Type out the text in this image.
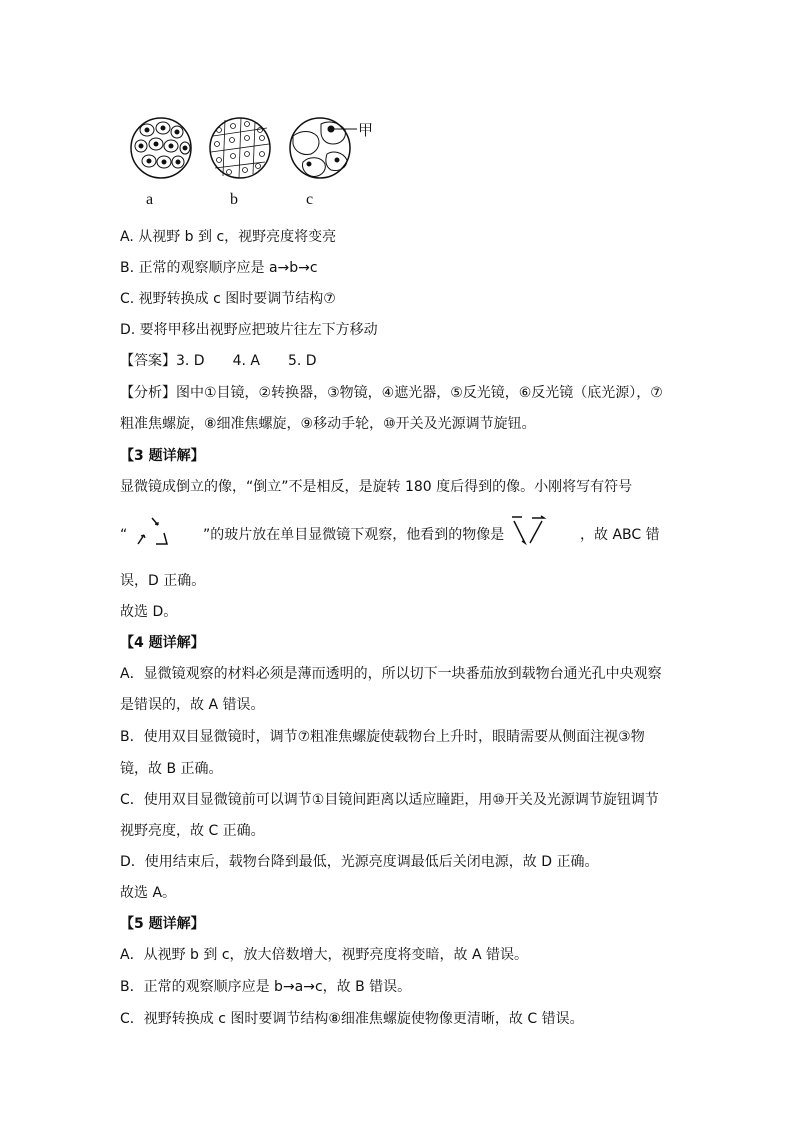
甲
a	b	c
A. 从视野 b 到 c，视野亮度将变亮
B. 正常的观察顺序应是 a→b→c
C. 视野转换成 c 图时要调节结构⑦
D. 要将甲移出视野应把玻片往左下方移动
【答案】3. D　　4. A　　5. D
【分析】图中①目镜，②转换器，③物镜，④遮光器，⑤反光镜，⑥反光镜（底光源），⑦
粗准焦螺旋，⑧细准焦螺旋，⑨移动手轮，⑩开关及光源调节旋钮。
【3 题详解】
显微镜成倒立的像，“倒立”不是相反，是旋转 180 度后得到的像。小刚将写有符号
“	”的玻片放在单目显微镜下观察，他看到的物像是	，故 ABC 错
误，D 正确。
故选 D。
【4 题详解】
A．显微镜观察的材料必须是薄而透明的，所以切下一块番茄放到载物台通光孔中央观察
是错误的，故 A 错误。
B．使用双目显微镜时，调节⑦粗准焦螺旋使载物台上升时，眼睛需要从侧面注视③物
镜，故 B 正确。
C．使用双目显微镜前可以调节①目镜间距离以适应瞳距，用⑩开关及光源调节旋钮调节
视野亮度，故 C 正确。
D．使用结束后，载物台降到最低，光源亮度调最低后关闭电源，故 D 正确。
故选 A。
【5 题详解】
A．从视野 b 到 c，放大倍数增大，视野亮度将变暗，故 A 错误。
B．正常的观察顺序应是 b→a→c，故 B 错误。
C．视野转换成 c 图时要调节结构⑧细准焦螺旋使物像更清晰，故 C 错误。
